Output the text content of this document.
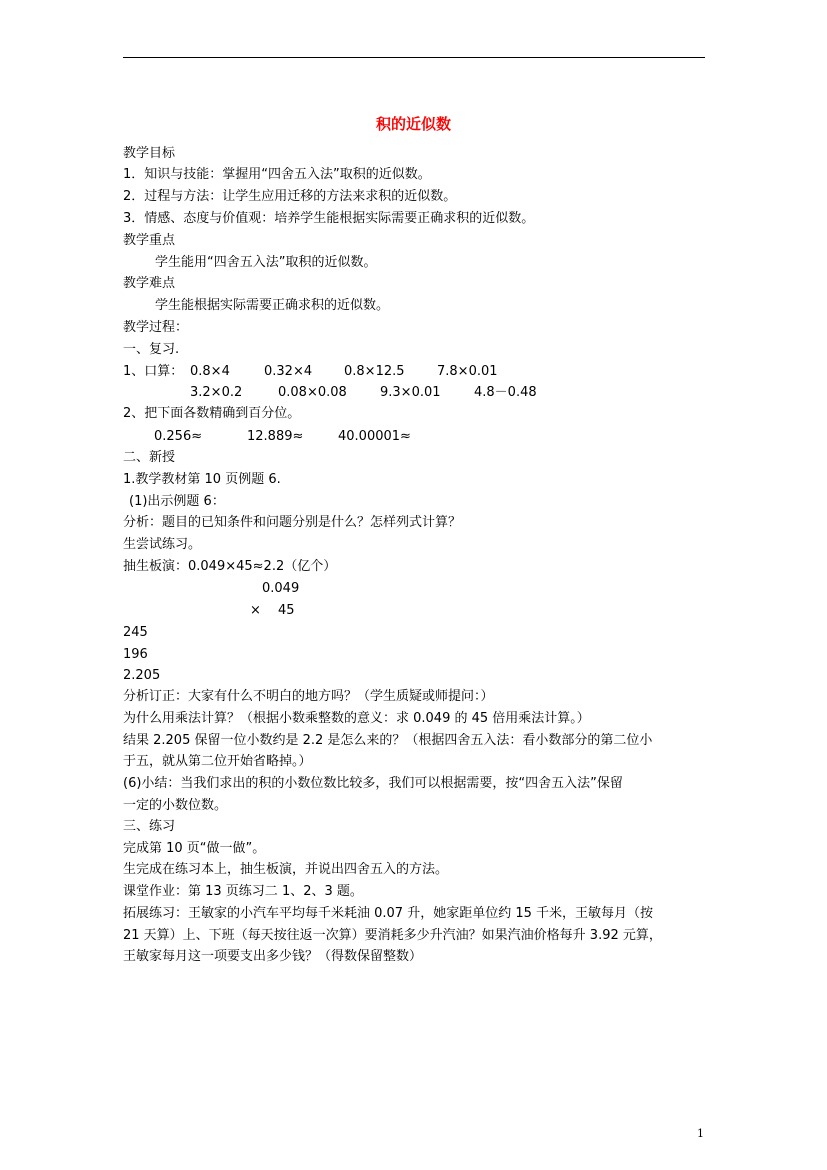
积的近似数
教学目标
1．知识与技能：掌握用“四舍五入法”取积的近似数。
2．过程与方法：让学生应用迁移的方法来求积的近似数。
3．情感、态度与价值观：培养学生能根据实际需要正确求积的近似数。
教学重点
学生能用“四舍五入法”取积的近似数。
教学难点
学生能根据实际需要正确求积的近似数。
教学过程：
一、复习.
1、口算： 0.8×4	0.32×4 0.8×12.5 7.8×0.01
3.2×0.2	0.08×0.08	9.3×0.01	4.8－0.48
2、把下面各数精确到百分位。
0.256≈	12.889≈	40.00001≈
二、新授
1.教学教材第 10 页例题 6.
(1)出示例题 6：
分析：题目的已知条件和问题分别是什么？怎样列式计算？
生尝试练习。
抽生板演：0.049×45≈2.2（亿个）
0.049
× 45
245
196
2.205
分析订正：大家有什么不明白的地方吗？（学生质疑或师提问：）
为什么用乘法计算？（根据小数乘整数的意义：求 0.049 的 45 倍用乘法计算。）
结果 2.205 保留一位小数约是 2.2 是怎么来的？（根据四舍五入法：看小数部分的第二位小
于五，就从第二位开始省略掉。）
(6)小结：当我们求出的积的小数位数比较多，我们可以根据需要，按“四舍五入法”保留
一定的小数位数。
三、练习
完成第 10 页“做一做”。
生完成在练习本上，抽生板演，并说出四舍五入的方法。
课堂作业：第 13 页练习二 1、2、3 题。
拓展练习：王敏家的小汽车平均每千米耗油 0.07 升，她家距单位约 15 千米，王敏每月（按
21 天算）上、下班（每天按往返一次算）要消耗多少升汽油？如果汽油价格每升 3.92 元算，
王敏家每月这一项要支出多少钱？（得数保留整数）
1
